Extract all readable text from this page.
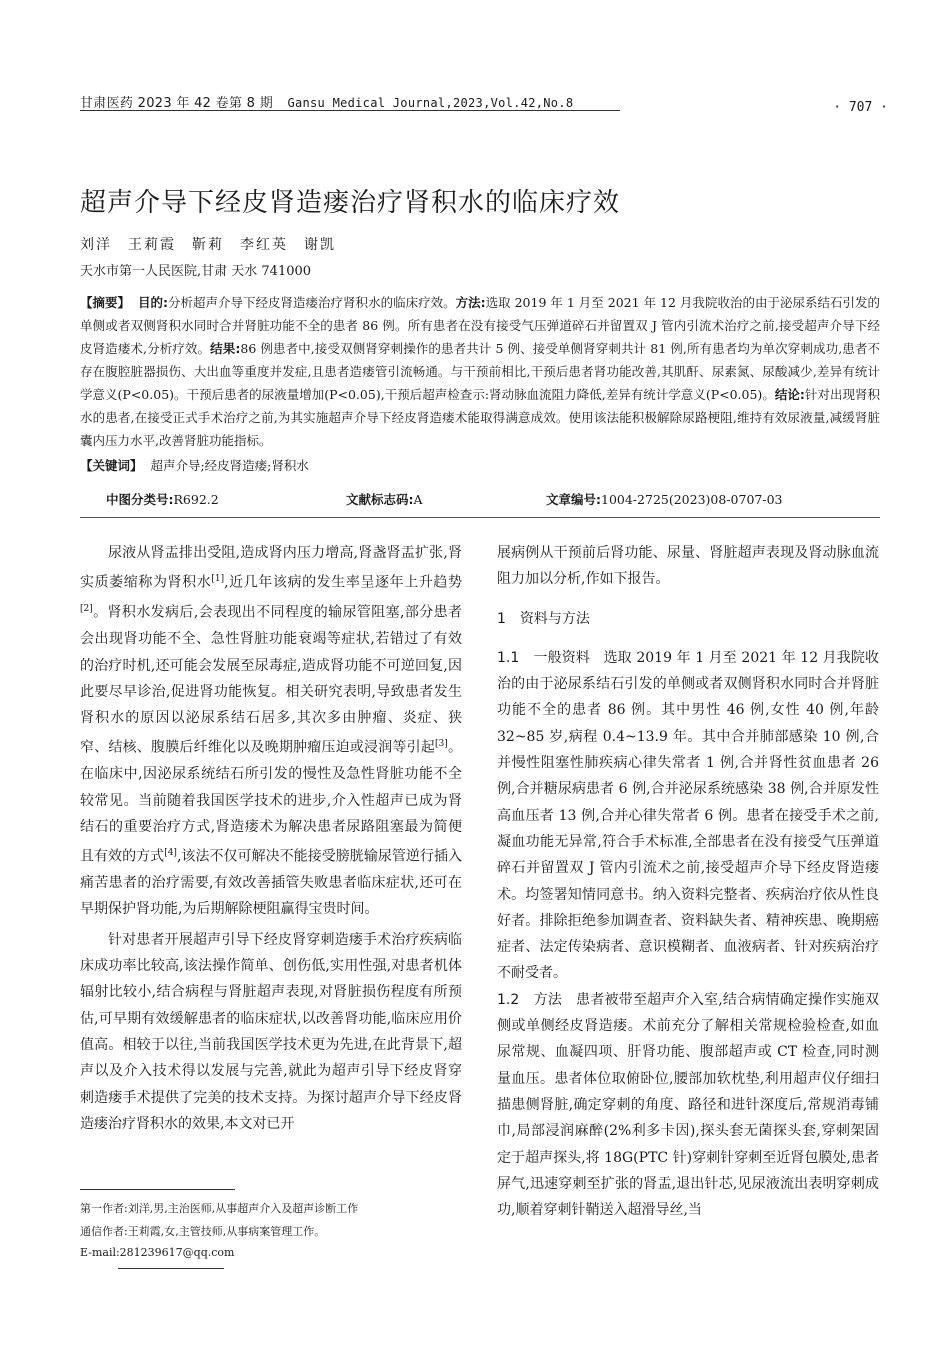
甘肃医药 2023 年 42 卷第 8 期 Gansu Medical Journal,2023,Vol.42,No.8	· 707 ·
超声介导下经皮肾造瘘治疗肾积水的临床疗效
刘洋　王莉霞　靳莉　李红英　谢凯
天水市第一人民医院,甘肃 天水 741000
【摘要】 目的:分析超声介导下经皮肾造瘘治疗肾积水的临床疗效。方法:选取 2019 年 1 月至 2021 年 12 月我院收治的由于泌尿系结石引发的单侧或者双侧肾积水同时合并肾脏功能不全的患者 86 例。所有患者在没有接受气压弹道碎石并留置双 J 管内引流术治疗之前,接受超声介导下经皮肾造瘘术,分析疗效。结果:86 例患者中,接受双侧肾穿刺操作的患者共计 5 例、接受单侧肾穿刺共计 81 例,所有患者均为单次穿刺成功,患者不存在腹腔脏器损伤、大出血等重度并发症,且患者造瘘管引流畅通。与干预前相比,干预后患者肾功能改善,其肌酐、尿素氮、尿酸减少,差异有统计学意义(P<0.05)。干预后患者的尿液量增加(P<0.05),干预后超声检查示:肾动脉血流阻力降低,差异有统计学意义(P<0.05)。结论:针对出现肾积水的患者,在接受正式手术治疗之前,为其实施超声介导下经皮肾造瘘术能取得满意成效。使用该法能积极解除尿路梗阻,维持有效尿液量,减缓肾脏囊内压力水平,改善肾脏功能指标。
【关键词】 超声介导;经皮肾造瘘;肾积水
中图分类号:R692.2	文献标志码:A	文章编号:1004-2725(2023)08-0707-03

尿液从肾盂排出受阻,造成肾内压力增高,肾盏肾盂扩张,肾实质萎缩称为肾积水[1],近几年该病的发生率呈逐年上升趋势[2]。肾积水发病后,会表现出不同程度的输尿管阻塞,部分患者会出现肾功能不全、急性肾脏功能衰竭等症状,若错过了有效的治疗时机,还可能会发展至尿毒症,造成肾功能不可逆回复,因此要尽早诊治,促进肾功能恢复。相关研究表明,导致患者发生肾积水的原因以泌尿系结石居多,其次多由肿瘤、炎症、狭窄、结核、腹膜后纤维化以及晚期肿瘤压迫或浸润等引起[3]。在临床中,因泌尿系统结石所引发的慢性及急性肾脏功能不全较常见。当前随着我国医学技术的进步,介入性超声已成为肾结石的重要治疗方式,肾造瘘术为解决患者尿路阻塞最为简便且有效的方式[4],该法不仅可解决不能接受膀胱输尿管逆行插入痛苦患者的治疗需要,有效改善插管失败患者临床症状,还可在早期保护肾功能,为后期解除梗阻赢得宝贵时间。

针对患者开展超声引导下经皮肾穿刺造瘘手术治疗疾病临床成功率比较高,该法操作简单、创伤低,实用性强,对患者机体辐射比较小,结合病程与肾脏超声表现,对肾脏损伤程度有所预估,可早期有效缓解患者的临床症状,以改善肾功能,临床应用价值高。相较于以往,当前我国医学技术更为先进,在此背景下,超声以及介入技术得以发展与完善,就此为超声引导下经皮肾穿刺造瘘手术提供了完美的技术支持。为探讨超声介导下经皮肾造瘘治疗肾积水的效果,本文对已开

第一作者:刘洋,男,主治医师,从事超声介入及超声诊断工作
通信作者:王莉霞,女,主管技师,从事病案管理工作。
E-mail:281239617@qq.com

展病例从干预前后肾功能、尿量、肾脏超声表现及肾动脉血流阻力加以分析,作如下报告。

1　资料与方法

1.1　一般资料 选取 2019 年 1 月至 2021 年 12 月我院收治的由于泌尿系结石引发的单侧或者双侧肾积水同时合并肾脏功能不全的患者 86 例。其中男性 46 例,女性 40 例,年龄 32~85 岁,病程 0.4~13.9 年。其中合并肺部感染 10 例,合并慢性阻塞性肺疾病心律失常者 1 例,合并肾性贫血患者 26 例,合并糖尿病患者 6 例,合并泌尿系统感染 38 例,合并原发性高血压者 13 例,合并心律失常者 6 例。患者在接受手术之前,凝血功能无异常,符合手术标准,全部患者在没有接受气压弹道碎石并留置双 J 管内引流术之前,接受超声介导下经皮肾造瘘术。均签署知情同意书。纳入资料完整者、疾病治疗依从性良好者。排除拒绝参加调查者、资料缺失者、精神疾患、晚期癌症者、法定传染病者、意识模糊者、血液病者、针对疾病治疗不耐受者。

1.2　方法 患者被带至超声介入室,结合病情确定操作实施双侧或单侧经皮肾造瘘。术前充分了解相关常规检验检查,如血尿常规、血凝四项、肝肾功能、腹部超声或 CT 检查,同时测量血压。患者体位取俯卧位,腰部加软枕垫,利用超声仪仔细扫描患侧肾脏,确定穿刺的角度、路径和进针深度后,常规消毒铺巾,局部浸润麻醉(2%利多卡因),探头套无菌探头套,穿刺架固定于超声探头,将 18G(PTC 针)穿刺针穿刺至近肾包膜处,患者屏气,迅速穿刺至扩张的肾盂,退出针芯,见尿液流出表明穿刺成功,顺着穿刺针鞘送入超滑导丝,当
